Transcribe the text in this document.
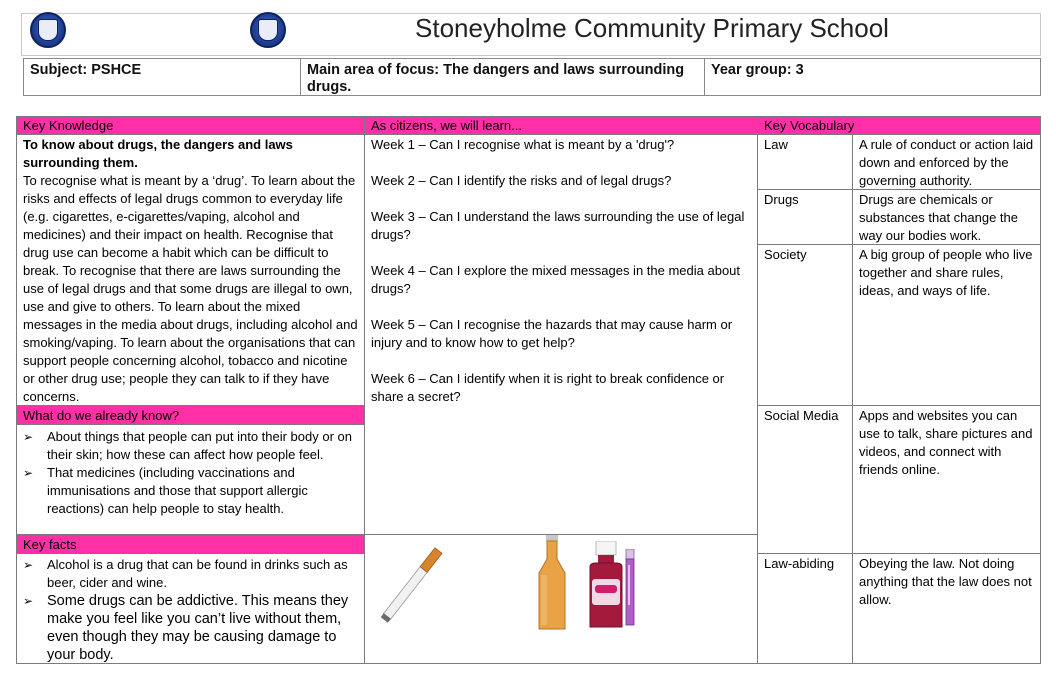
Stoneyholme Community Primary School
Subject: PSHCE	Main area of focus: The dangers and laws surrounding drugs.
Year group: 3
Key Knowledge
To know about drugs, the dangers and laws surrounding them.
To recognise what is meant by a ‘drug’. To learn about the risks and effects of legal drugs common to everyday life (e.g. cigarettes, e-cigarettes/vaping, alcohol and medicines) and their impact on health. Recognise that drug use can become a habit which can be difficult to break. To recognise that there are laws surrounding the use of legal drugs and that some drugs are illegal to own, use and give to others. To learn about the mixed messages in the media about drugs, including alcohol and smoking/vaping. To learn about the organisations that can support people concerning alcohol, tobacco and nicotine or other drug use; people they can talk to if they have concerns.
What do we already know?
➢ About things that people can put into their body or on their skin; how these can affect how people feel.
➢ That medicines (including vaccinations and immunisations and those that support allergic reactions) can help people to stay health.
Key facts
➢ Alcohol is a drug that can be found in drinks such as beer, cider and wine.
➢ Some drugs can be addictive. This means they make you feel like you can’t live without them, even though they may be causing damage to your body.
As citizens, we will learn...

Week 1 – Can I recognise what is meant by a 'drug'?

Week 2 – Can I identify the risks and of legal drugs?

Week 3 – Can I understand the laws surrounding the use of legal drugs?

Week 4 – Can I explore the mixed messages in the media about drugs?

Week 5 – Can I recognise the hazards that may cause harm or injury and to know how to get help?

Week 6 – Can I identify when it is right to break confidence or share a secret?

Key Vocabulary
Law	A rule of conduct or action laid down and enforced by the governing authority.
Drugs	Drugs are chemicals or substances that change the way our bodies work.
Society	A big group of people who live together and share rules, ideas, and ways of life.
Social Media	Apps and websites you can use to talk, share pictures and videos, and connect with friends online.
Law-abiding	Obeying the law. Not doing anything that the law does not allow.
